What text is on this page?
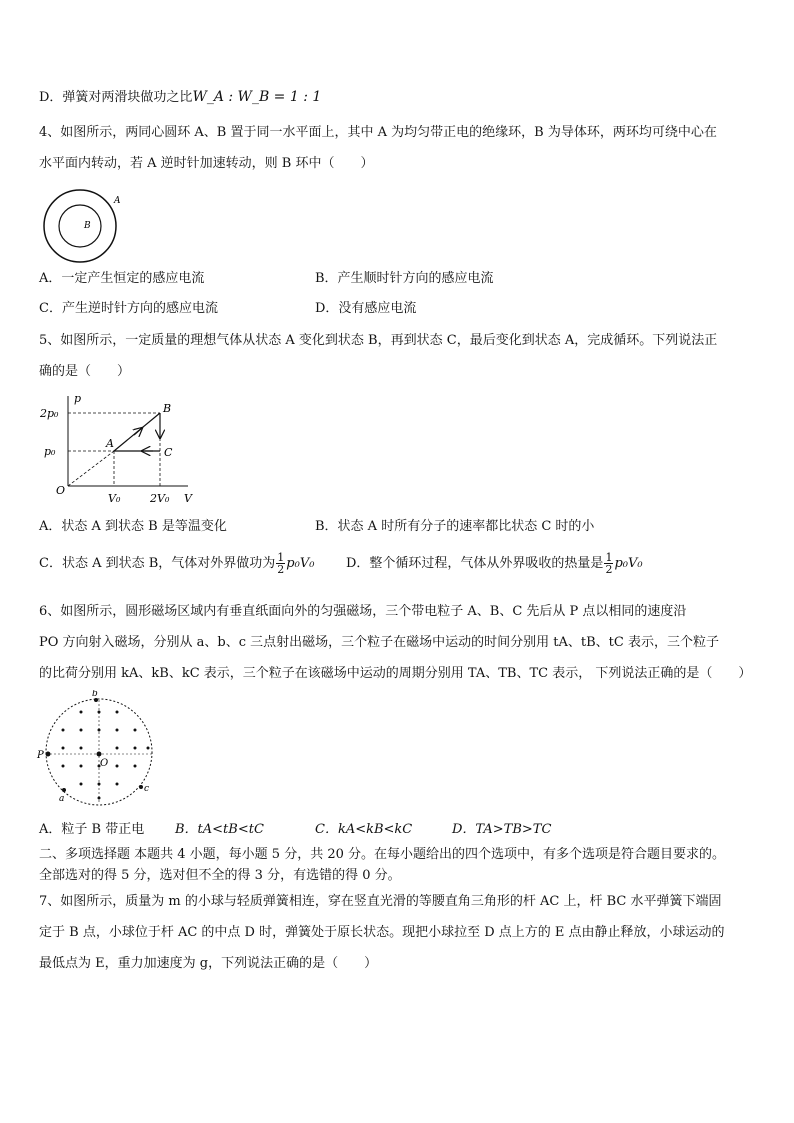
D．弹簧对两滑块做功之比W_A : W_B = 1 : 1
4、如图所示，两同心圆环 A、B 置于同一水平面上，其中 A 为均匀带正电的绝缘环，B 为导体环，两环均可绕中心在
水平面内转动，若 A 逆时针加速转动，则 B 环中（　　）
A
B
A．一定产生恒定的感应电流	B．产生顺时针方向的感应电流
C．产生逆时针方向的感应电流	D．没有感应电流
5、如图所示，一定质量的理想气体从状态 A 变化到状态 B，再到状态 C，最后变化到状态 A，完成循环。下列说法正
确的是（　　）
p
V
O
2p₀
p₀
V₀	2V₀
A
B
C
A．状态 A 到状态 B 是等温变化	B．状态 A 时所有分子的速率都比状态 C 时的小
C．状态 A 到状态 B，气体对外界做功为 $\frac{1}{2} p_0V_0$ D．整个循环过程，气体从外界吸收的热量是 $\frac{1}{2} p_0V_0$
6、如图所示，圆形磁场区域内有垂直纸面向外的匀强磁场，三个带电粒子 A、B、C 先后从 P 点以相同的速度沿
PO 方向射入磁场，分别从 a、b、c 三点射出磁场，三个粒子在磁场中运动的时间分别用 tA、tB、tC 表示，三个粒子
的比荷分别用 kA、kB、kC 表示，三个粒子在该磁场中运动的周期分别用 TA、TB、TC 表示， 下列说法正确的是（　　）
P
O
b
a
c
A．粒子 B 带正电 B．tA<tB<tC	C．kA<kB<kC	D．TA>TB>TC
二、多项选择题 本题共 4 小题，每小题 5 分，共 20 分。在每小题给出的四个选项中，有多个选项是符合题目要求的。
全部选对的得 5 分，选对但不全的得 3 分，有选错的得 0 分。
7、如图所示，质量为 m 的小球与轻质弹簧相连，穿在竖直光滑的等腰直角三角形的杆 AC 上，杆 BC 水平弹簧下端固
定于 B 点，小球位于杆 AC 的中点 D 时，弹簧处于原长状态。现把小球拉至 D 点上方的 E 点由静止释放，小球运动的
最低点为 E，重力加速度为 g，下列说法正确的是（　　）
